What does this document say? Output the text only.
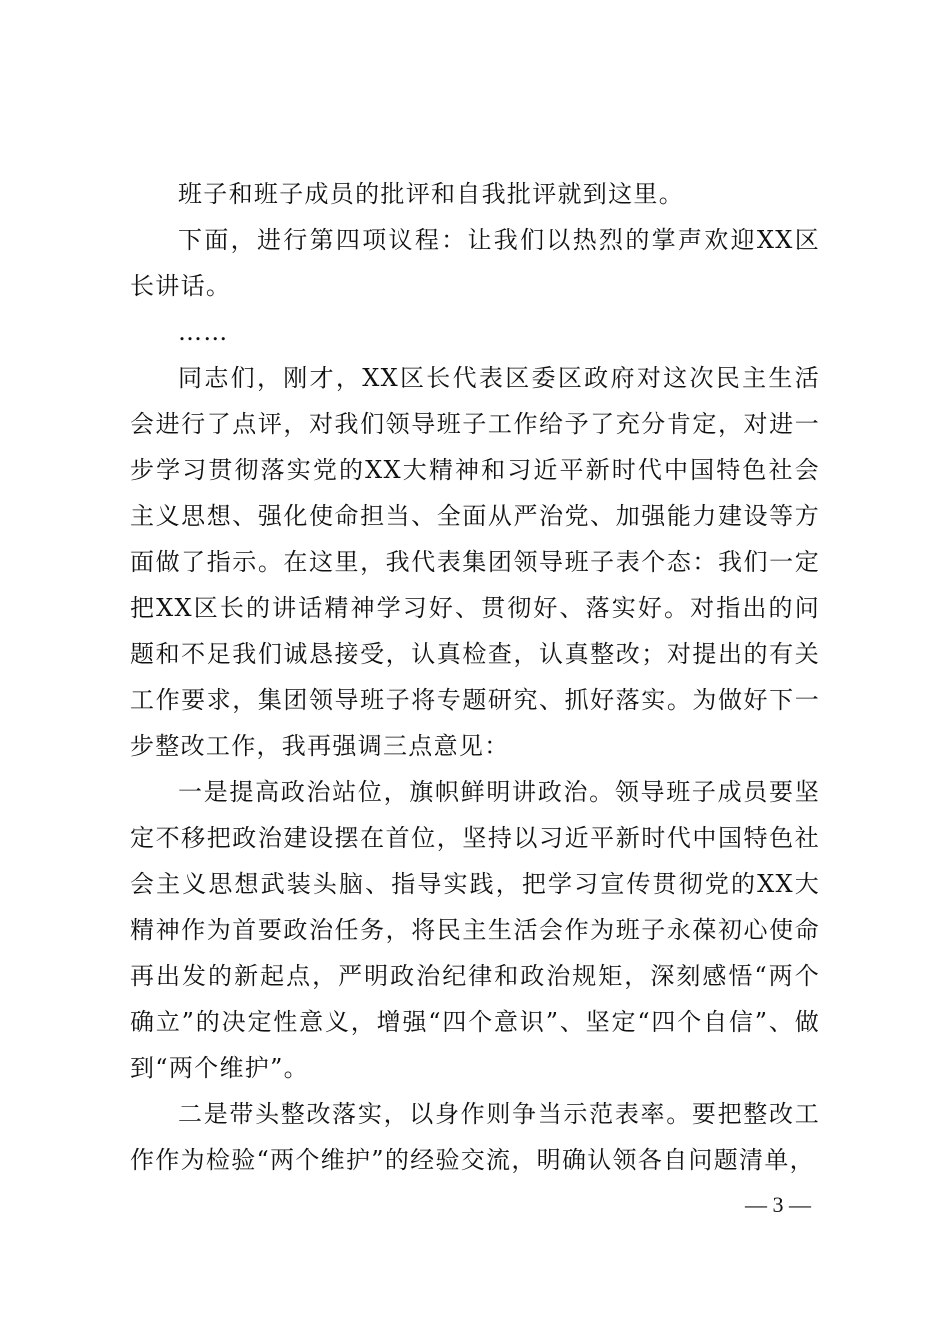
班子和班子成员的批评和自我批评就到这里。

下面，进行第四项议程：让我们以热烈的掌声欢迎XX区长讲话。

……

同志们，刚才，XX区长代表区委区政府对这次民主生活会进行了点评，对我们领导班子工作给予了充分肯定，对进一步学习贯彻落实党的XX大精神和习近平新时代中国特色社会主义思想、强化使命担当、全面从严治党、加强能力建设等方面做了指示。在这里，我代表集团领导班子表个态：我们一定把XX区长的讲话精神学习好、贯彻好、落实好。对指出的问题和不足我们诚恳接受，认真检查，认真整改；对提出的有关工作要求，集团领导班子将专题研究、抓好落实。为做好下一步整改工作，我再强调三点意见：

一是提高政治站位，旗帜鲜明讲政治。领导班子成员要坚定不移把政治建设摆在首位，坚持以习近平新时代中国特色社会主义思想武装头脑、指导实践，把学习宣传贯彻党的XX大精神作为首要政治任务，将民主生活会作为班子永葆初心使命再出发的新起点，严明政治纪律和政治规矩，深刻感悟“两个确立”的决定性意义，增强“四个意识”、坚定“四个自信”、做到“两个维护”。

二是带头整改落实，以身作则争当示范表率。要把整改工作作为检验“两个维护”的经验交流，明确认领各自问题清单，

— 3 —
